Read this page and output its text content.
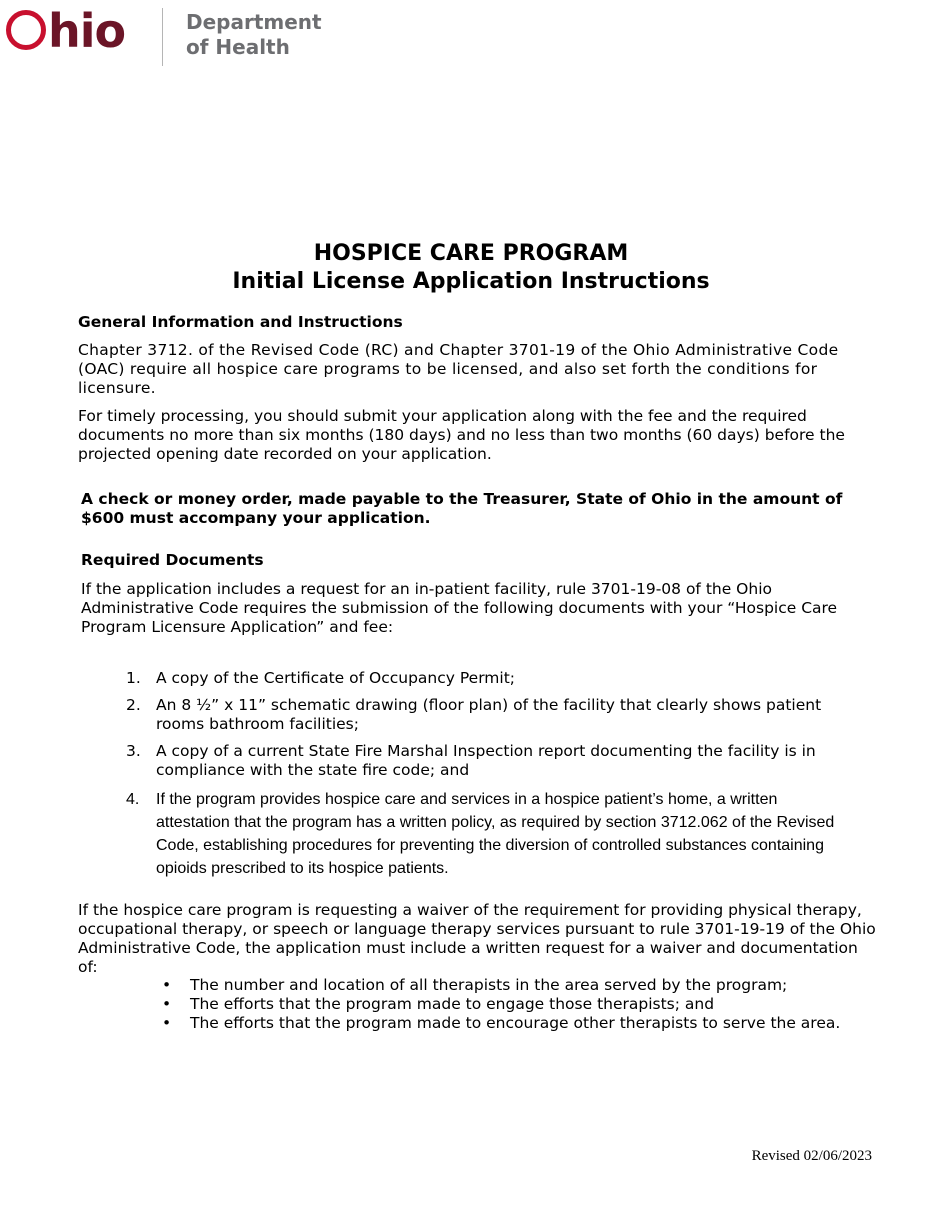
hio	Department
of Health
HOSPICE CARE PROGRAM
Initial License Application Instructions
General Information and Instructions
Chapter 3712. of the Revised Code (RC) and Chapter 3701-19 of the Ohio Administrative Code (OAC) require all hospice care programs to be licensed, and also set forth the conditions for licensure.
For timely processing, you should submit your application along with the fee and the required documents no more than six months (180 days) and no less than two months (60 days) before the projected opening date recorded on your application.
A check or money order, made payable to the Treasurer, State of Ohio in the amount of $600 must accompany your application.
Required Documents
If the application includes a request for an in-patient facility, rule 3701-19-08 of the Ohio Administrative Code requires the submission of the following documents with your “Hospice Care Program Licensure Application” and fee:
1. A copy of the Certificate of Occupancy Permit;
2. An 8 ½” x 11” schematic drawing (floor plan) of the facility that clearly shows patient rooms bathroom facilities;
3. A copy of a current State Fire Marshal Inspection report documenting the facility is in compliance with the state fire code; and
4. If the program provides hospice care and services in a hospice patient’s home, a written attestation that the program has a written policy, as required by section 3712.062 of the Revised Code, establishing procedures for preventing the diversion of controlled substances containing opioids prescribed to its hospice patients.
If the hospice care program is requesting a waiver of the requirement for providing physical therapy, occupational therapy, or speech or language therapy services pursuant to rule 3701-19-19 of the Ohio Administrative Code, the application must include a written request for a waiver and documentation of:
• The number and location of all therapists in the area served by the program;
• The efforts that the program made to engage those therapists; and
• The efforts that the program made to encourage other therapists to serve the area.
Revised 02/06/2023
